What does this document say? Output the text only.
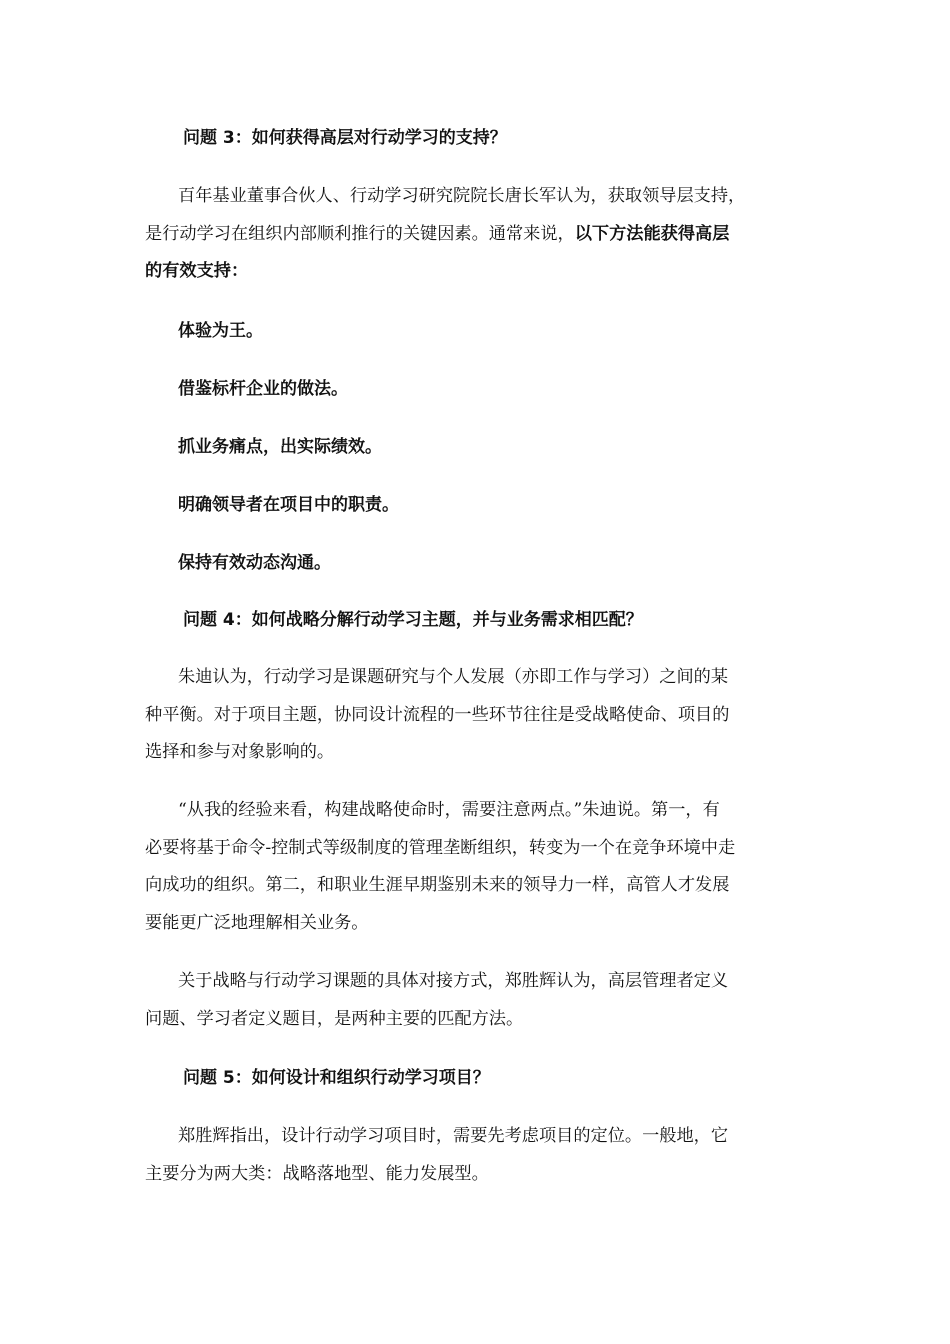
问题 3：如何获得高层对行动学习的支持？

百年基业董事合伙人、行动学习研究院院长唐长军认为，获取领导层支持，
是行动学习在组织内部顺利推行的关键因素。通常来说，以下方法能获得高层
的有效支持：

体验为王。

借鉴标杆企业的做法。

抓业务痛点，出实际绩效。

明确领导者在项目中的职责。

保持有效动态沟通。

问题 4：如何战略分解行动学习主题，并与业务需求相匹配？

朱迪认为，行动学习是课题研究与个人发展（亦即工作与学习）之间的某
种平衡。对于项目主题，协同设计流程的一些环节往往是受战略使命、项目的
选择和参与对象影响的。

“从我的经验来看，构建战略使命时，需要注意两点。”朱迪说。第一，有
必要将基于命令-控制式等级制度的管理垄断组织，转变为一个在竞争环境中走
向成功的组织。第二，和职业生涯早期鉴别未来的领导力一样，高管人才发展
要能更广泛地理解相关业务。

关于战略与行动学习课题的具体对接方式，郑胜辉认为，高层管理者定义
问题、学习者定义题目，是两种主要的匹配方法。

问题 5：如何设计和组织行动学习项目？

郑胜辉指出，设计行动学习项目时，需要先考虑项目的定位。一般地，它
主要分为两大类：战略落地型、能力发展型。
